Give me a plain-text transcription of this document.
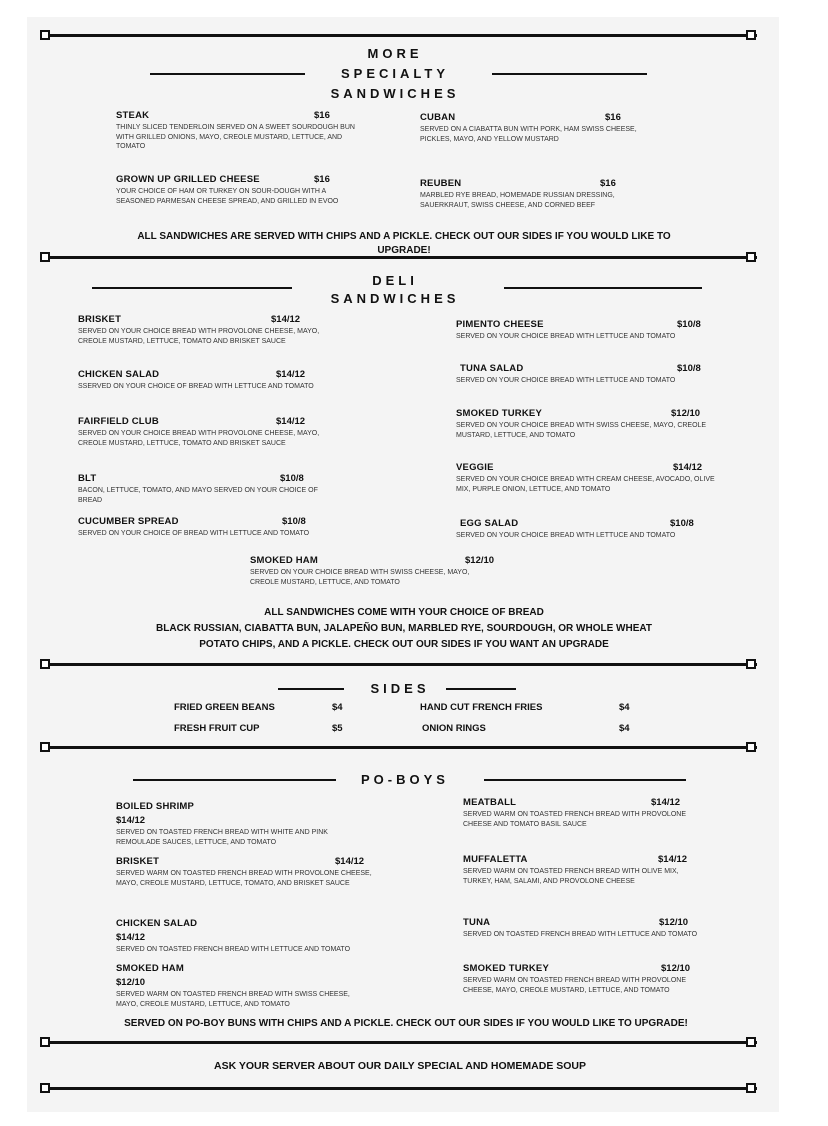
MORE
SPECIALTY
SANDWICHES
STEAK	$16
THINLY SLICED TENDERLOIN SERVED ON A SWEET SOURDOUGH BUN WITH GRILLED ONIONS, MAYO, CREOLE MUSTARD, LETTUCE, AND TOMATO
CUBAN	$16
SERVED ON A CIABATTA BUN WITH PORK, HAM SWISS CHEESE, PICKLES, MAYO, AND YELLOW MUSTARD
GROWN UP GRILLED CHEESE	$16
YOUR CHOICE OF HAM OR TURKEY ON SOUR-DOUGH WITH A SEASONED PARMESAN CHEESE SPREAD, AND GRILLED IN EVOO
REUBEN	$16
MARBLED RYE BREAD, HOMEMADE RUSSIAN DRESSING, SAUERKRAUT, SWISS CHEESE, AND CORNED BEEF
ALL SANDWICHES ARE SERVED WITH CHIPS AND A PICKLE. CHECK OUT OUR SIDES IF YOU WOULD LIKE TO
UPGRADE!
DELI
SANDWICHES
BRISKET	$14/12
SERVED ON YOUR CHOICE BREAD WITH PROVOLONE CHEESE, MAYO, CREOLE MUSTARD, LETTUCE, TOMATO AND BRISKET SAUCE
PIMENTO CHEESE	$10/8
SERVED ON YOUR CHOICE BREAD WITH LETTUCE AND TOMATO
CHICKEN SALAD	$14/12
SSERVED ON YOUR CHOICE OF BREAD WITH LETTUCE AND TOMATO
TUNA SALAD	$10/8
SERVED ON YOUR CHOICE BREAD WITH LETTUCE AND TOMATO
FAIRFIELD CLUB	$14/12
SERVED ON YOUR CHOICE BREAD WITH PROVOLONE CHEESE, MAYO, CREOLE MUSTARD, LETTUCE, TOMATO AND BRISKET SAUCE
SMOKED TURKEY	$12/10
SERVED ON YOUR CHOICE BREAD WITH SWISS CHEESE, MAYO, CREOLE MUSTARD, LETTUCE, AND TOMATO
BLT	$10/8
BACON, LETTUCE, TOMATO, AND MAYO SERVED ON YOUR CHOICE OF BREAD
VEGGIE	$14/12
SERVED ON YOUR CHOICE BREAD WITH CREAM CHEESE, AVOCADO, OLIVE MIX, PURPLE ONION, LETTUCE, AND TOMATO
CUCUMBER SPREAD	$10/8
SERVED ON YOUR CHOICE OF BREAD WITH LETTUCE AND TOMATO
EGG SALAD	$10/8
SERVED ON YOUR CHOICE BREAD WITH LETTUCE AND TOMATO
SMOKED HAM	$12/10
SERVED ON YOUR CHOICE BREAD WITH SWISS CHEESE, MAYO, CREOLE MUSTARD, LETTUCE, AND TOMATO
ALL SANDWICHES COME WITH YOUR CHOICE OF BREAD
BLACK RUSSIAN, CIABATTA BUN, JALAPEÑO BUN, MARBLED RYE, SOURDOUGH, OR WHOLE WHEAT
POTATO CHIPS, AND A PICKLE. CHECK OUT OUR SIDES IF YOU WANT AN UPGRADE
SIDES
FRIED GREEN BEANS	$4	HAND CUT FRENCH FRIES	$4
FRESH FRUIT CUP	$5	ONION RINGS	$4
PO-BOYS
BOILED SHRIMP
$14/12
SERVED ON TOASTED FRENCH BREAD WITH WHITE AND PINK REMOULADE SAUCES, LETTUCE, AND TOMATO
MEATBALL	$14/12
SERVED WARM ON TOASTED FRENCH BREAD WITH PROVOLONE CHEESE AND TOMATO BASIL SAUCE
BRISKET	$14/12
SERVED WARM ON TOASTED FRENCH BREAD WITH PROVOLONE CHEESE, MAYO, CREOLE MUSTARD, LETTUCE, TOMATO, AND BRISKET SAUCE
MUFFALETTA	$14/12
SERVED WARM ON TOASTED FRENCH BREAD WITH OLIVE MIX, TURKEY, HAM, SALAMI, AND PROVOLONE CHEESE
CHICKEN SALAD
$14/12
SERVED ON TOASTED FRENCH BREAD WITH LETTUCE AND TOMATO
TUNA	$12/10
SERVED ON TOASTED FRENCH BREAD WITH LETTUCE AND TOMATO
SMOKED HAM
$12/10
SERVED WARM ON TOASTED FRENCH BREAD WITH SWISS CHEESE, MAYO, CREOLE MUSTARD, LETTUCE, AND TOMATO
SMOKED TURKEY	$12/10
SERVED WARM ON TOASTED FRENCH BREAD WITH PROVOLONE CHEESE, MAYO, CREOLE MUSTARD, LETTUCE, AND TOMATO
SERVED ON PO-BOY BUNS WITH CHIPS AND A PICKLE. CHECK OUT OUR SIDES IF YOU WOULD LIKE TO UPGRADE!
ASK YOUR SERVER ABOUT OUR DAILY SPECIAL AND HOMEMADE SOUP
